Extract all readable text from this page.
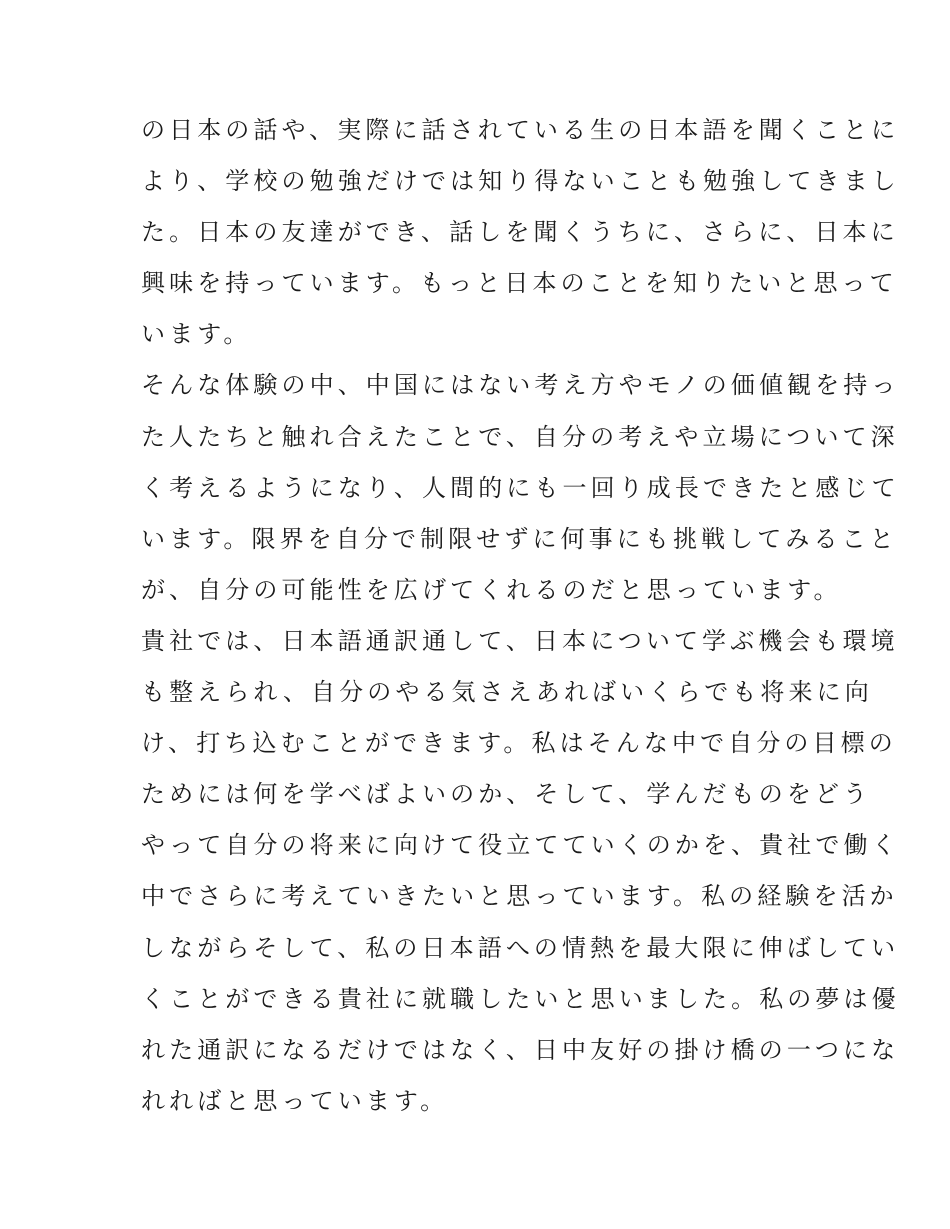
の日本の話や、実際に話されている生の日本語を聞くことに
より、学校の勉強だけでは知り得ないことも勉強してきまし
た。日本の友達ができ、話しを聞くうちに、さらに、日本に
興味を持っています。もっと日本のことを知りたいと思って
います。
そんな体験の中、中国にはない考え方やモノの価値観を持っ
た人たちと触れ合えたことで、自分の考えや立場について深
く考えるようになり、人間的にも一回り成長できたと感じて
います。限界を自分で制限せずに何事にも挑戦してみること
が、自分の可能性を広げてくれるのだと思っています。
貴社では、日本語通訳通して、日本について学ぶ機会も環境
も整えられ、自分のやる気さえあればいくらでも将来に向
け、打ち込むことができます。私はそんな中で自分の目標の
ためには何を学べばよいのか、そして、学んだものをどう
やって自分の将来に向けて役立てていくのかを、貴社で働く
中でさらに考えていきたいと思っています。私の経験を活か
しながらそして、私の日本語への情熱を最大限に伸ばしてい
くことができる貴社に就職したいと思いました。私の夢は優
れた通訳になるだけではなく、日中友好の掛け橋の一つにな
れればと思っています。
